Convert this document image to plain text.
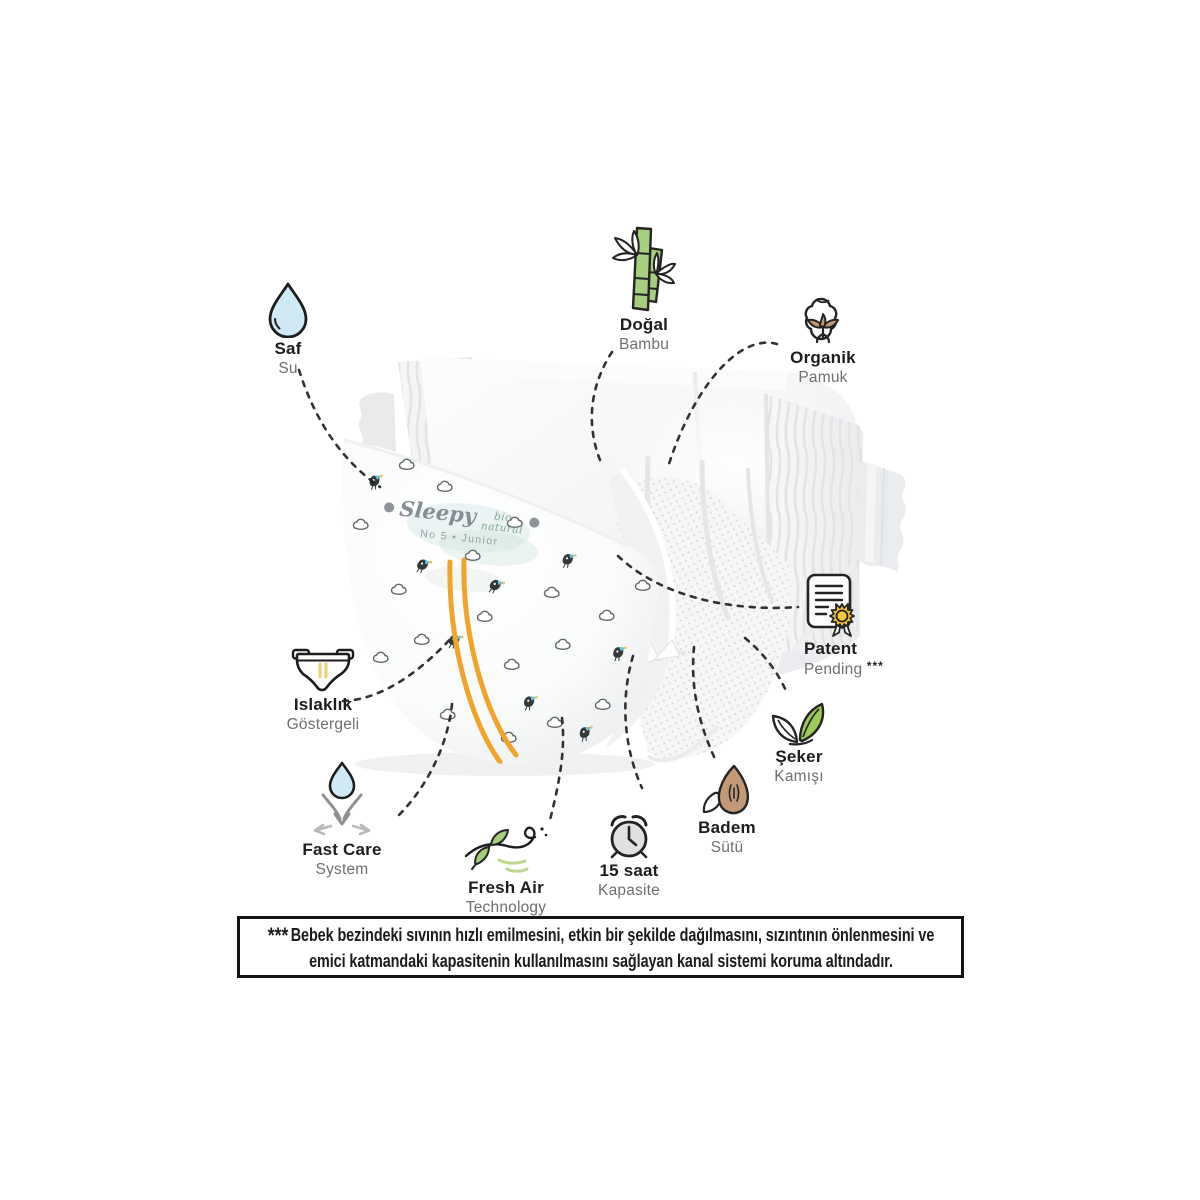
Sleepy	bio natural
No 5 • Junior
Saf
Su
Doğal
Bambu
Organik
Pamuk
Patent
Pending ***
Şeker
Kamışı
Badem
Sütü
15 saat
Kapasite
Fresh Air
Technology
Fast Care
System
Islaklık
Göstergeli
*** Bebek bezindeki sıvının hızlı emilmesini, etkin bir şekilde dağılmasını, sızıntının önlenmesini ve emici katmandaki kapasitenin kullanılmasını sağlayan kanal sistemi koruma altındadır.
